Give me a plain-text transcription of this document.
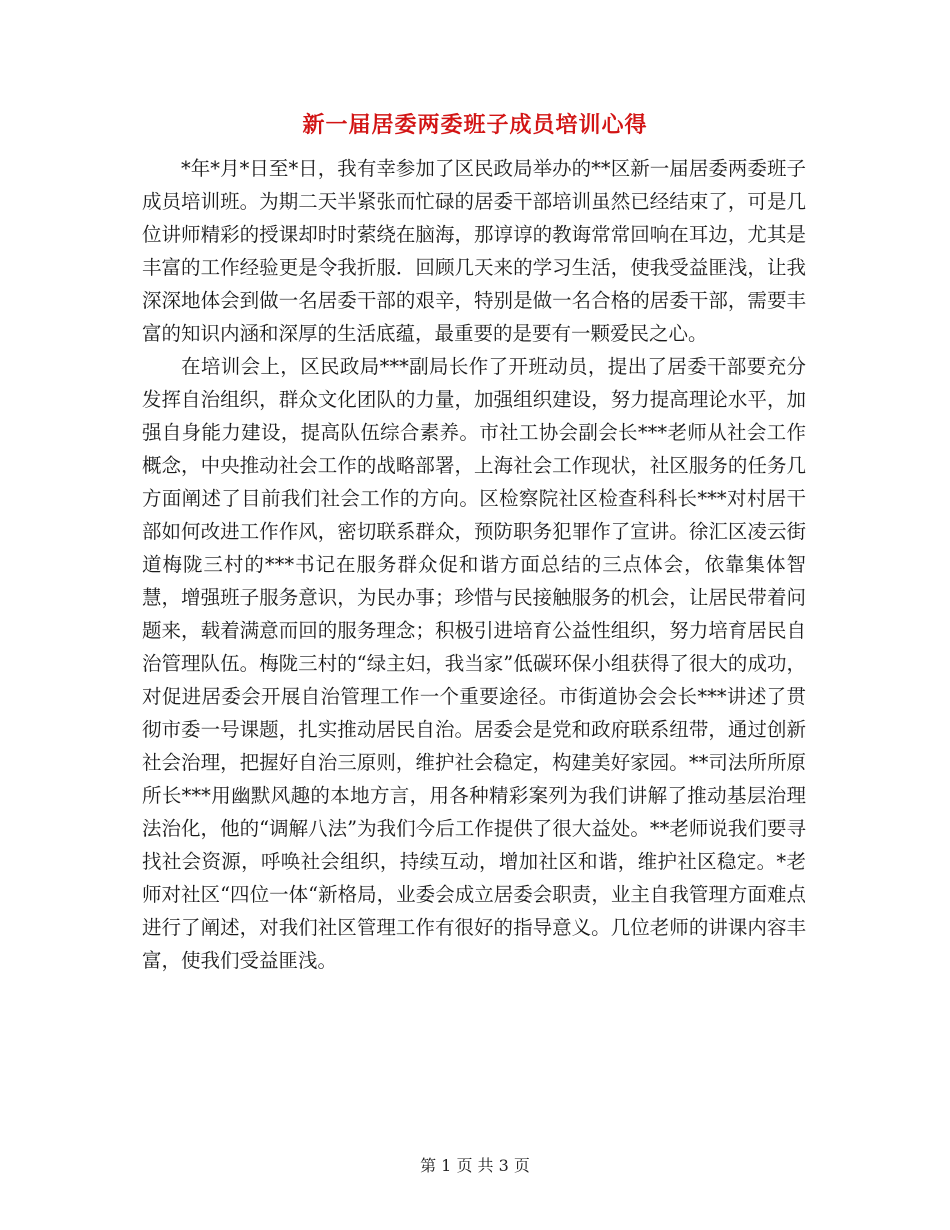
新一届居委两委班子成员培训心得

*年*月*日至*日，我有幸参加了区民政局举办的**区新一届居委两委班子成员培训班。为期二天半紧张而忙碌的居委干部培训虽然已经结束了，可是几位讲师精彩的授课却时时萦绕在脑海，那谆谆的教诲常常回响在耳边，尤其是丰富的工作经验更是令我折服．回顾几天来的学习生活，使我受益匪浅，让我深深地体会到做一名居委干部的艰辛，特别是做一名合格的居委干部，需要丰富的知识内涵和深厚的生活底蕴，最重要的是要有一颗爱民之心。

在培训会上，区民政局***副局长作了开班动员，提出了居委干部要充分发挥自治组织，群众文化团队的力量，加强组织建设，努力提高理论水平，加强自身能力建设，提高队伍综合素养。市社工协会副会长***老师从社会工作概念，中央推动社会工作的战略部署，上海社会工作现状，社区服务的任务几方面阐述了目前我们社会工作的方向。区检察院社区检查科科长***对村居干部如何改进工作作风，密切联系群众，预防职务犯罪作了宣讲。徐汇区凌云街道梅陇三村的***书记在服务群众促和谐方面总结的三点体会，依靠集体智慧，增强班子服务意识，为民办事；珍惜与民接触服务的机会，让居民带着问题来，载着满意而回的服务理念；积极引进培育公益性组织，努力培育居民自治管理队伍。梅陇三村的“绿主妇，我当家”低碳环保小组获得了很大的成功，对促进居委会开展自治管理工作一个重要途径。市街道协会会长***讲述了贯彻市委一号课题，扎实推动居民自治。居委会是党和政府联系纽带，通过创新社会治理，把握好自治三原则，维护社会稳定，构建美好家园。**司法所所原所长***用幽默风趣的本地方言，用各种精彩案列为我们讲解了推动基层治理法治化，他的“调解八法”为我们今后工作提供了很大益处。**老师说我们要寻找社会资源，呼唤社会组织，持续互动，增加社区和谐，维护社区稳定。*老师对社区“四位一体“新格局，业委会成立居委会职责，业主自我管理方面难点进行了阐述，对我们社区管理工作有很好的指导意义。几位老师的讲课内容丰富，使我们受益匪浅。

第 1 页 共 3 页
